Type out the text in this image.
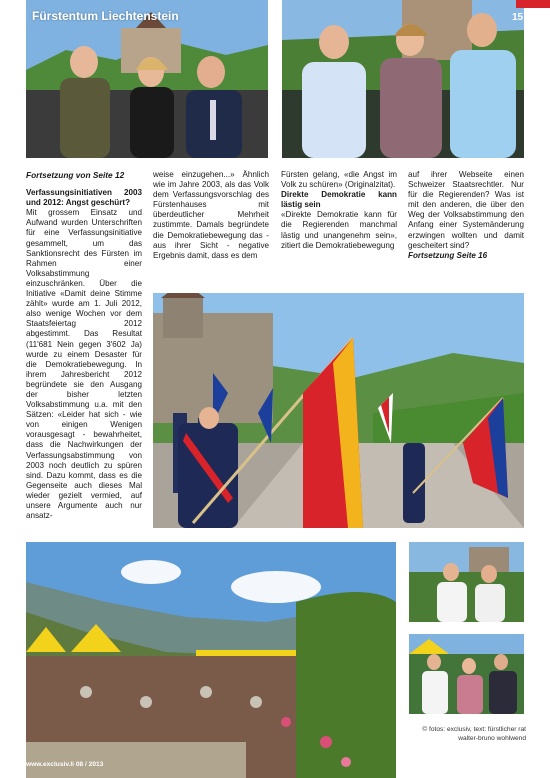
Fürstentum Liechtenstein	15

Fortsetzung von Seite 12

Verfassungsinitiativen 2003 und 2012: Angst geschürt?

Mit grossem Einsatz und Aufwand wurden Unterschriften für eine Verfassungsinitiative gesammelt, um das Sanktionsrecht des Fürsten im Rahmen einer Volksabstimmung einzuschränken. Über die Initiative «Damit deine Stimme zählt» wurde am 1. Juli 2012, also wenige Wochen vor dem Staatsfeiertag 2012 abgestimmt. Das Resultat (11'681 Nein gegen 3'602 Ja) wurde zu einem Desaster für die Demokratiebewegung. In ihrem Jahresbericht 2012 begründete sie den Ausgang der bisher letzten Volksabstimmung u.a. mit den Sätzen: «Leider hat sich - wie von einigen Wenigen vorausgesagt - bewahrheitet, dass die Nachwirkungen der Verfassungsabstimmung von 2003 noch deutlich zu spüren sind. Dazu kommt, dass es die Gegenseite auch dieses Mal wieder gezielt vermied, auf unsere Argumente auch nur ansatz-

weise einzugehen...» Ähnlich wie im Jahre 2003, als das Volk dem Verfassungsvorschlag des Fürstenhauses mit überdeutlicher Mehrheit zustimmte. Damals begründete die Demokratiebewegung das - aus ihrer Sicht - negative Ergebnis damit, dass es dem

Fürsten gelang, «die Angst im Volk zu schüren» (Originalzitat).

Direkte Demokratie kann lästig sein

«Direkte Demokratie kann für die Regierenden manchmal lästig und unangenehm sein», zitiert die Demokratiebewegung

auf ihrer Webseite einen Schweizer Staatsrechtler. Nur für die Regierenden? Was ist mit den anderen, die über den Weg der Volksabstimmung den Anfang einer Systemänderung erzwingen wollten und damit gescheitert sind?

Fortsetzung Seite 16

www.exclusiv.li 08 / 2013
© fotos: exclusiv, text: fürstlicher rat walter-bruno wohlwend
